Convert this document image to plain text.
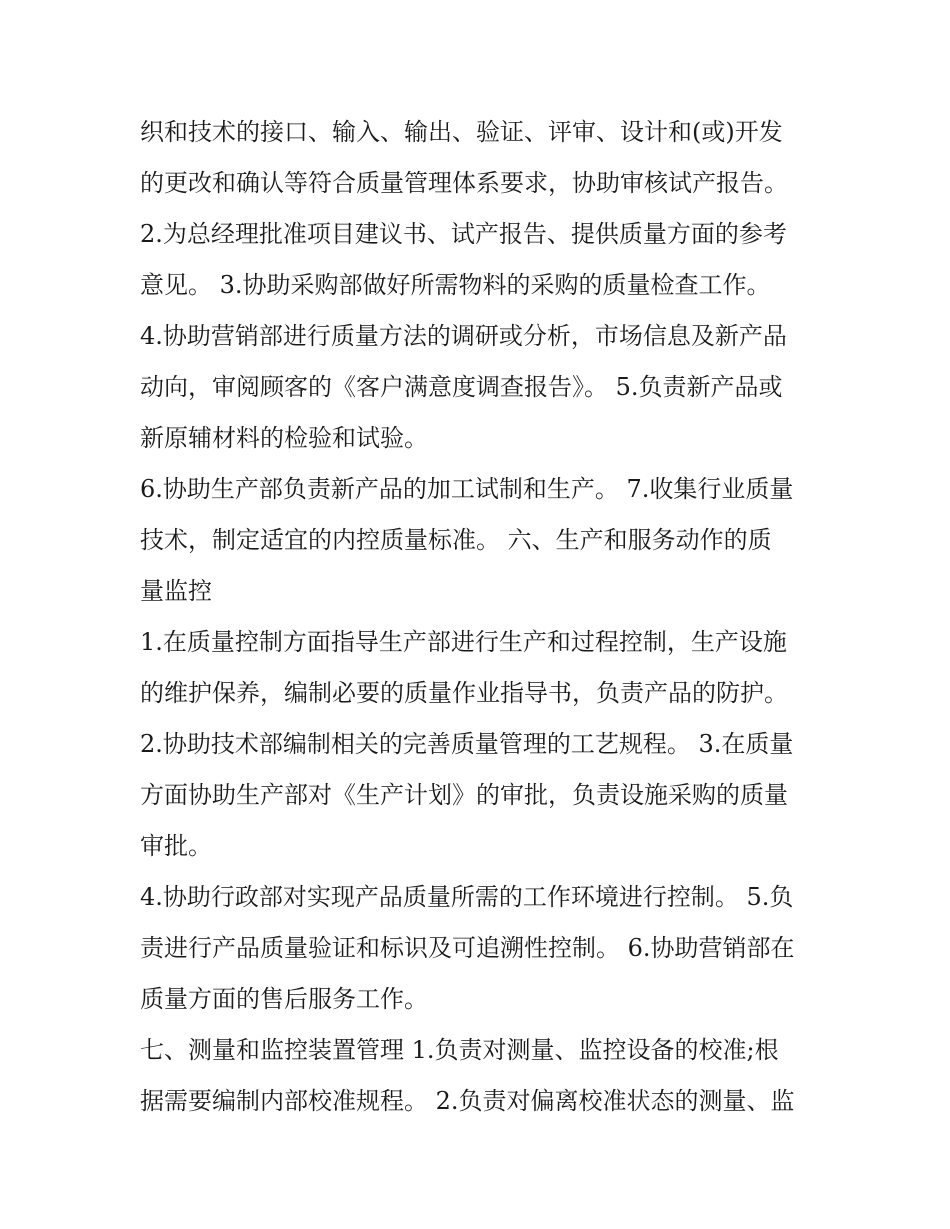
织和技术的接口、输入、输出、验证、评审、设计和(或)开发
的更改和确认等符合质量管理体系要求，协助审核试产报告。
2.为总经理批准项目建议书、试产报告、提供质量方面的参考
意见。 3.协助采购部做好所需物料的采购的质量检查工作。
4.协助营销部进行质量方法的调研或分析，市场信息及新产品
动向，审阅顾客的《客户满意度调查报告》。 5.负责新产品或
新原辅材料的检验和试验。
6.协助生产部负责新产品的加工试制和生产。 7.收集行业质量
技术，制定适宜的内控质量标准。 六、生产和服务动作的质
量监控
1.在质量控制方面指导生产部进行生产和过程控制，生产设施
的维护保养，编制必要的质量作业指导书，负责产品的防护。
2.协助技术部编制相关的完善质量管理的工艺规程。 3.在质量
方面协助生产部对《生产计划》的审批，负责设施采购的质量
审批。
4.协助行政部对实现产品质量所需的工作环境进行控制。 5.负
责进行产品质量验证和标识及可追溯性控制。 6.协助营销部在
质量方面的售后服务工作。
七、测量和监控装置管理 1.负责对测量、监控设备的校准;根
据需要编制内部校准规程。 2.负责对偏离校准状态的测量、监
